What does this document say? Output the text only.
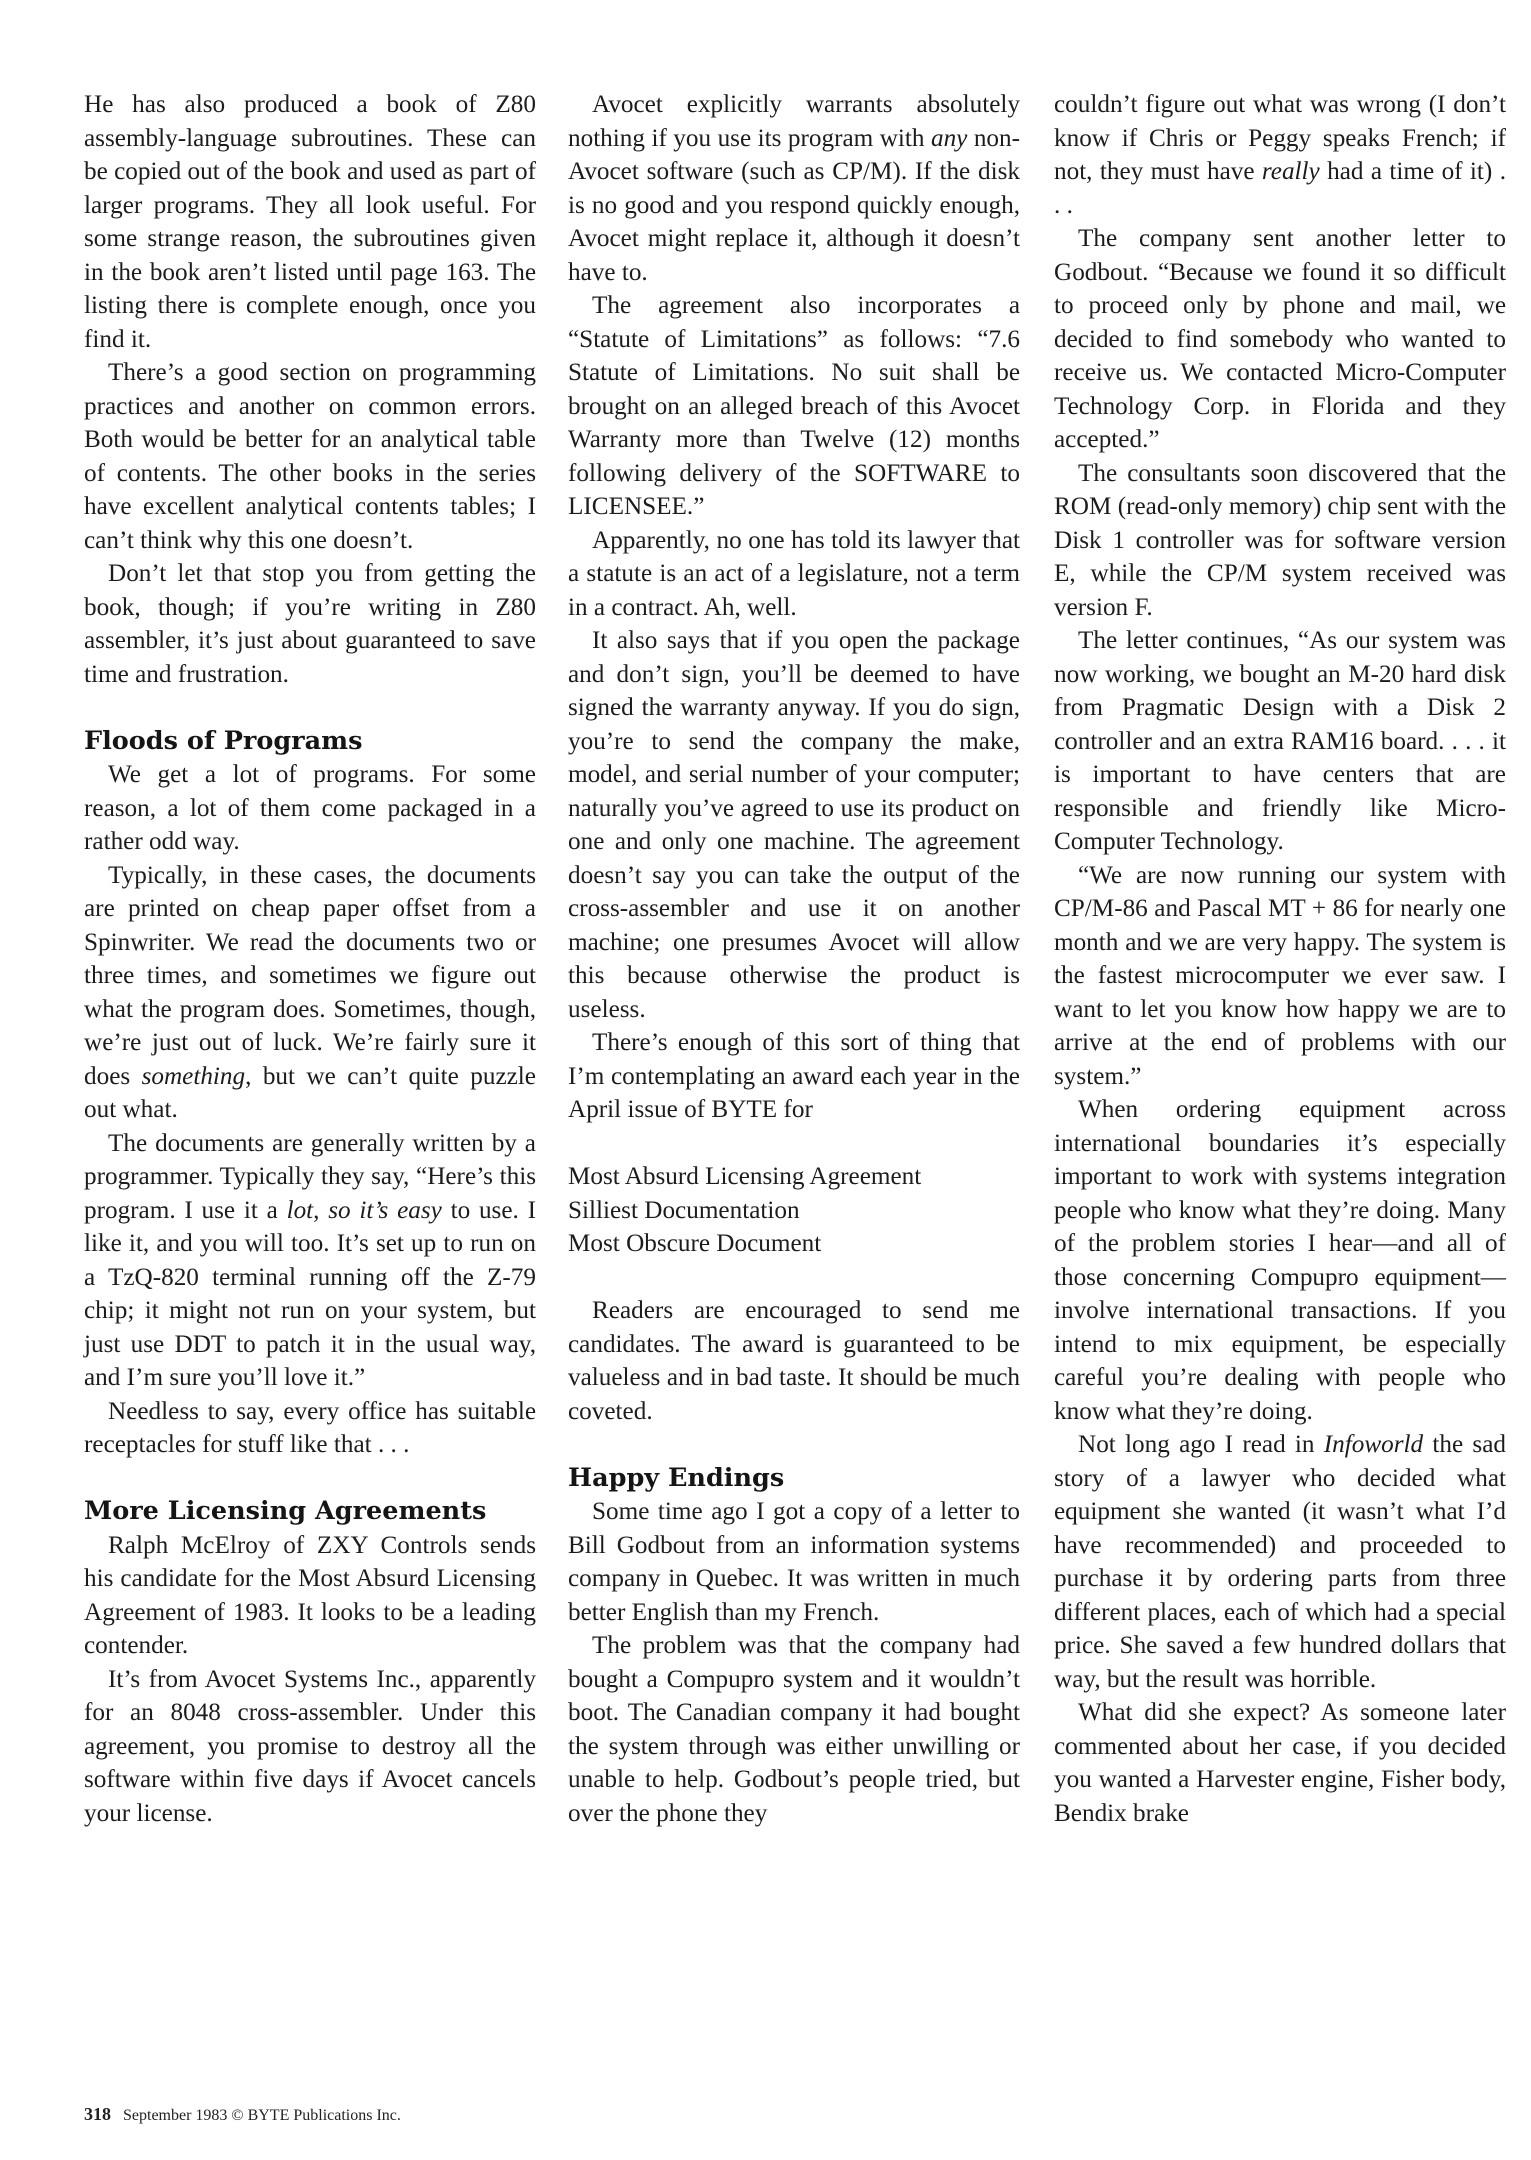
He has also produced a book of Z80 assembly-language subroutines. These can be copied out of the book and used as part of larger programs. They all look useful. For some strange reason, the subroutines given in the book aren’t listed until page 163. The listing there is complete enough, once you find it.

There’s a good section on programming practices and another on common errors. Both would be better for an analytical table of contents. The other books in the series have excellent analytical contents tables; I can’t think why this one doesn’t.

Don’t let that stop you from getting the book, though; if you’re writing in Z80 assembler, it’s just about guaranteed to save time and frustration.

Floods of Programs

We get a lot of programs. For some reason, a lot of them come packaged in a rather odd way.

Typically, in these cases, the documents are printed on cheap paper offset from a Spinwriter. We read the documents two or three times, and sometimes we figure out what the program does. Sometimes, though, we’re just out of luck. We’re fairly sure it does something, but we can’t quite puzzle out what.

The documents are generally written by a programmer. Typically they say, “Here’s this program. I use it a lot, so it’s easy to use. I like it, and you will too. It’s set up to run on a TzQ-820 terminal running off the Z-79 chip; it might not run on your system, but just use DDT to patch it in the usual way, and I’m sure you’ll love it.”

Needless to say, every office has suitable receptacles for stuff like that . . .

More Licensing Agreements

Ralph McElroy of ZXY Controls sends his candidate for the Most Absurd Licensing Agreement of 1983. It looks to be a leading contender.

It’s from Avocet Systems Inc., apparently for an 8048 cross-assembler. Under this agreement, you promise to destroy all the software within five days if Avocet cancels your license.

Avocet explicitly warrants absolutely nothing if you use its program with any non-Avocet software (such as CP/M). If the disk is no good and you respond quickly enough, Avocet might replace it, although it doesn’t have to.

The agreement also incorporates a “Statute of Limitations” as follows: “7.6 Statute of Limitations. No suit shall be brought on an alleged breach of this Avocet Warranty more than Twelve (12) months following delivery of the SOFTWARE to LICENSEE.”

Apparently, no one has told its lawyer that a statute is an act of a legislature, not a term in a contract. Ah, well.

It also says that if you open the package and don’t sign, you’ll be deemed to have signed the warranty anyway. If you do sign, you’re to send the company the make, model, and serial number of your computer; naturally you’ve agreed to use its product on one and only one machine. The agreement doesn’t say you can take the output of the cross-assembler and use it on another machine; one presumes Avocet will allow this because otherwise the product is useless.

There’s enough of this sort of thing that I’m contemplating an award each year in the April issue of BYTE for

Most Absurd Licensing Agreement
Silliest Documentation
Most Obscure Document

Readers are encouraged to send me candidates. The award is guaranteed to be valueless and in bad taste. It should be much coveted.

Happy Endings

Some time ago I got a copy of a letter to Bill Godbout from an information systems company in Quebec. It was written in much better English than my French.

The problem was that the company had bought a Compupro system and it wouldn’t boot. The Canadian company it had bought the system through was either unwilling or unable to help. Godbout’s people tried, but over the phone they

couldn’t figure out what was wrong (I don’t know if Chris or Peggy speaks French; if not, they must have really had a time of it) . . .

The company sent another letter to Godbout. “Because we found it so difficult to proceed only by phone and mail, we decided to find somebody who wanted to receive us. We contacted Micro-Computer Technology Corp. in Florida and they accepted.”

The consultants soon discovered that the ROM (read-only memory) chip sent with the Disk 1 controller was for software version E, while the CP/M system received was version F.

The letter continues, “As our system was now working, we bought an M-20 hard disk from Pragmatic Design with a Disk 2 controller and an extra RAM16 board. . . . it is important to have centers that are responsible and friendly like Micro-Computer Technology.

“We are now running our system with CP/M-86 and Pascal MT + 86 for nearly one month and we are very happy. The system is the fastest microcomputer we ever saw. I want to let you know how happy we are to arrive at the end of problems with our system.”

When ordering equipment across international boundaries it’s especially important to work with systems integration people who know what they’re doing. Many of the problem stories I hear—and all of those concerning Compupro equipment—involve international transactions. If you intend to mix equipment, be especially careful you’re dealing with people who know what they’re doing.

Not long ago I read in Infoworld the sad story of a lawyer who decided what equipment she wanted (it wasn’t what I’d have recommended) and proceeded to purchase it by ordering parts from three different places, each of which had a special price. She saved a few hundred dollars that way, but the result was horrible.

What did she expect? As someone later commented about her case, if you decided you wanted a Harvester engine, Fisher body, Bendix brake

318 September 1983 © BYTE Publications Inc.
